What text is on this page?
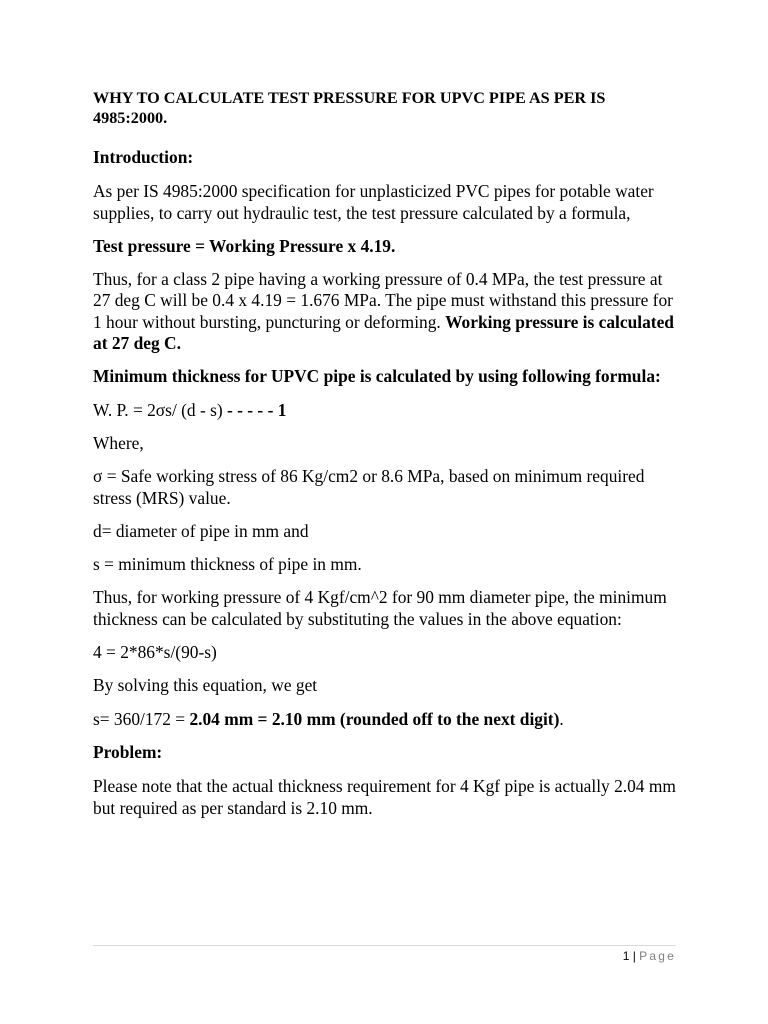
WHY TO CALCULATE TEST PRESSURE FOR UPVC PIPE AS PER IS 4985:2000.

Introduction:

As per IS 4985:2000 specification for unplasticized PVC pipes for potable water supplies, to carry out hydraulic test, the test pressure calculated by a formula,

Test pressure = Working Pressure x 4.19.

Thus, for a class 2 pipe having a working pressure of 0.4 MPa, the test pressure at 27 deg C will be 0.4 x 4.19 = 1.676 MPa. The pipe must withstand this pressure for 1 hour without bursting, puncturing or deforming. Working pressure is calculated at 27 deg C.

Minimum thickness for UPVC pipe is calculated by using following formula:

W. P. = 2σs/ (d - s) - - - - - 1

Where,

σ = Safe working stress of 86 Kg/cm2 or 8.6 MPa, based on minimum required stress (MRS) value.

d= diameter of pipe in mm and

s = minimum thickness of pipe in mm.

Thus, for working pressure of 4 Kgf/cm^2 for 90 mm diameter pipe, the minimum thickness can be calculated by substituting the values in the above equation:

4 = 2*86*s/(90-s)

By solving this equation, we get

s= 360/172 = 2.04 mm = 2.10 mm (rounded off to the next digit).

Problem:

Please note that the actual thickness requirement for 4 Kgf pipe is actually 2.04 mm but required as per standard is 2.10 mm.

1 | Page
